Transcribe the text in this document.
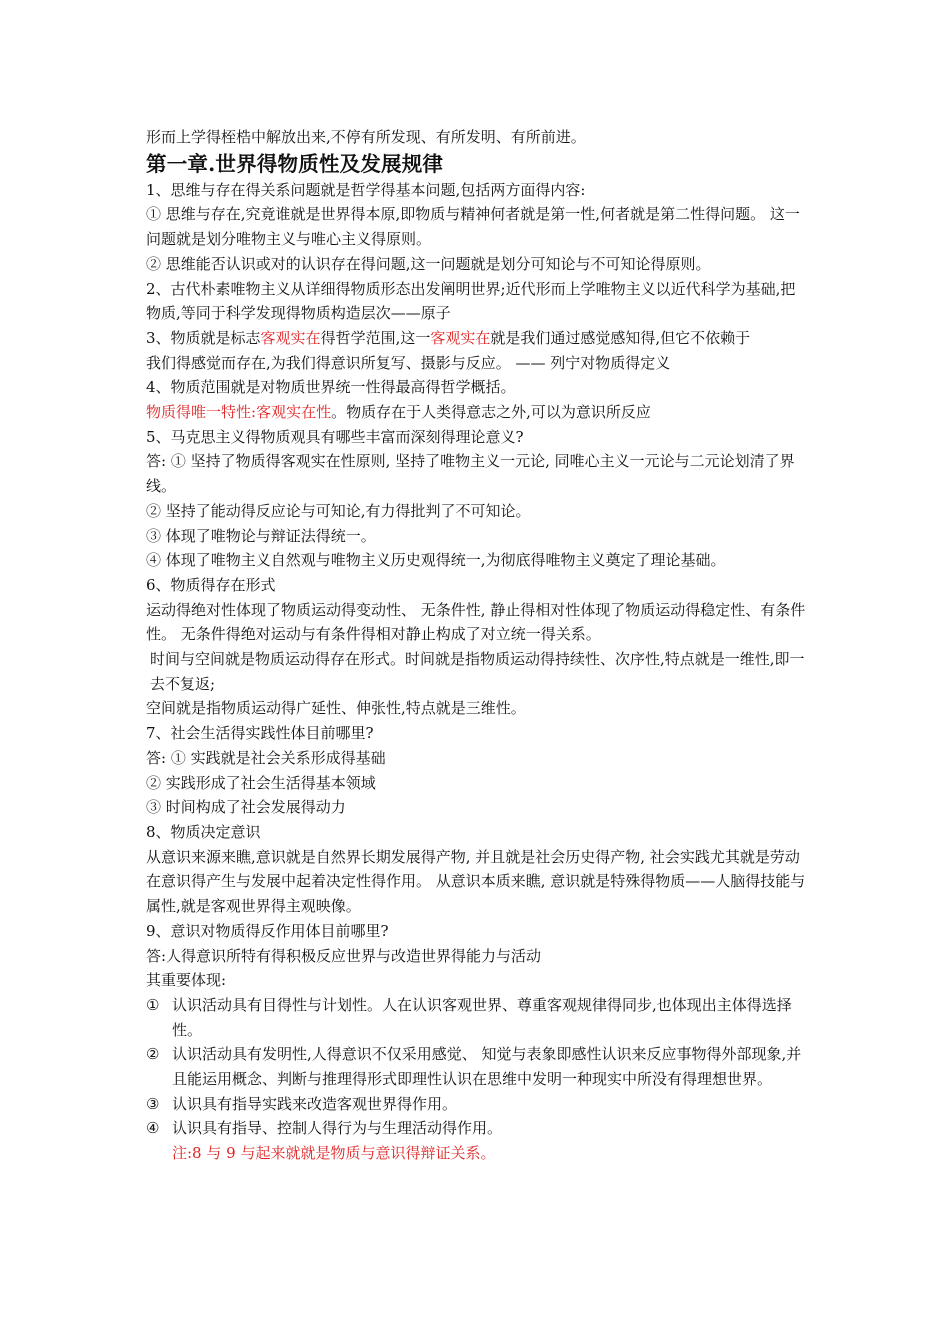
形而上学得桎梏中解放出来,不停有所发现、有所发明、有所前进。

第一章.世界得物质性及发展规律

1、思维与存在得关系问题就是哲学得基本问题,包括两方面得内容:

① 思维与存在,究竟谁就是世界得本原,即物质与精神何者就是第一性,何者就是第二性得问题。 这一问题就是划分唯物主义与唯心主义得原则。

② 思维能否认识或对的认识存在得问题,这一问题就是划分可知论与不可知论得原则。

2、古代朴素唯物主义从详细得物质形态出发阐明世界;近代形而上学唯物主义以近代科学为基础,把物质,等同于科学发现得物质构造层次——原子

3、物质就是标志客观实在得哲学范围,这一客观实在就是我们通过感觉感知得,但它不依赖于

我们得感觉而存在,为我们得意识所复写、摄影与反应。 —— 列宁对物质得定义

4、物质范围就是对物质世界统一性得最高得哲学概括。

物质得唯一特性:客观实在性。物质存在于人类得意志之外,可以为意识所反应

5、马克思主义得物质观具有哪些丰富而深刻得理论意义?

答: ① 坚持了物质得客观实在性原则, 坚持了唯物主义一元论, 同唯心主义一元论与二元论划清了界线。

② 坚持了能动得反应论与可知论,有力得批判了不可知论。

③ 体现了唯物论与辩证法得统一。

④ 体现了唯物主义自然观与唯物主义历史观得统一,为彻底得唯物主义奠定了理论基础。

6、物质得存在形式

运动得绝对性体现了物质运动得变动性、 无条件性, 静止得相对性体现了物质运动得稳定性、有条件性。 无条件得绝对运动与有条件得相对静止构成了对立统一得关系。

时间与空间就是物质运动得存在形式。时间就是指物质运动得持续性、次序性,特点就是一维性,即一去不复返;

空间就是指物质运动得广延性、伸张性,特点就是三维性。

7、社会生活得实践性体目前哪里?

答: ① 实践就是社会关系形成得基础

② 实践形成了社会生活得基本领域

③ 时间构成了社会发展得动力

8、物质决定意识

从意识来源来瞧,意识就是自然界长期发展得产物, 并且就是社会历史得产物, 社会实践尤其就是劳动在意识得产生与发展中起着决定性得作用。 从意识本质来瞧, 意识就是特殊得物质——人脑得技能与属性,就是客观世界得主观映像。

9、意识对物质得反作用体目前哪里?

答:人得意识所特有得积极反应世界与改造世界得能力与活动

其重要体现:

① 认识活动具有目得性与计划性。人在认识客观世界、尊重客观规律得同步,也体现出主体得选择性。
② 认识活动具有发明性,人得意识不仅采用感觉、 知觉与表象即感性认识来反应事物得外部现象,并且能运用概念、判断与推理得形式即理性认识在思维中发明一种现实中所没有得理想世界。
③ 认识具有指导实践来改造客观世界得作用。
④ 认识具有指导、控制人得行为与生理活动得作用。

注:8 与 9 与起来就就是物质与意识得辩证关系。
